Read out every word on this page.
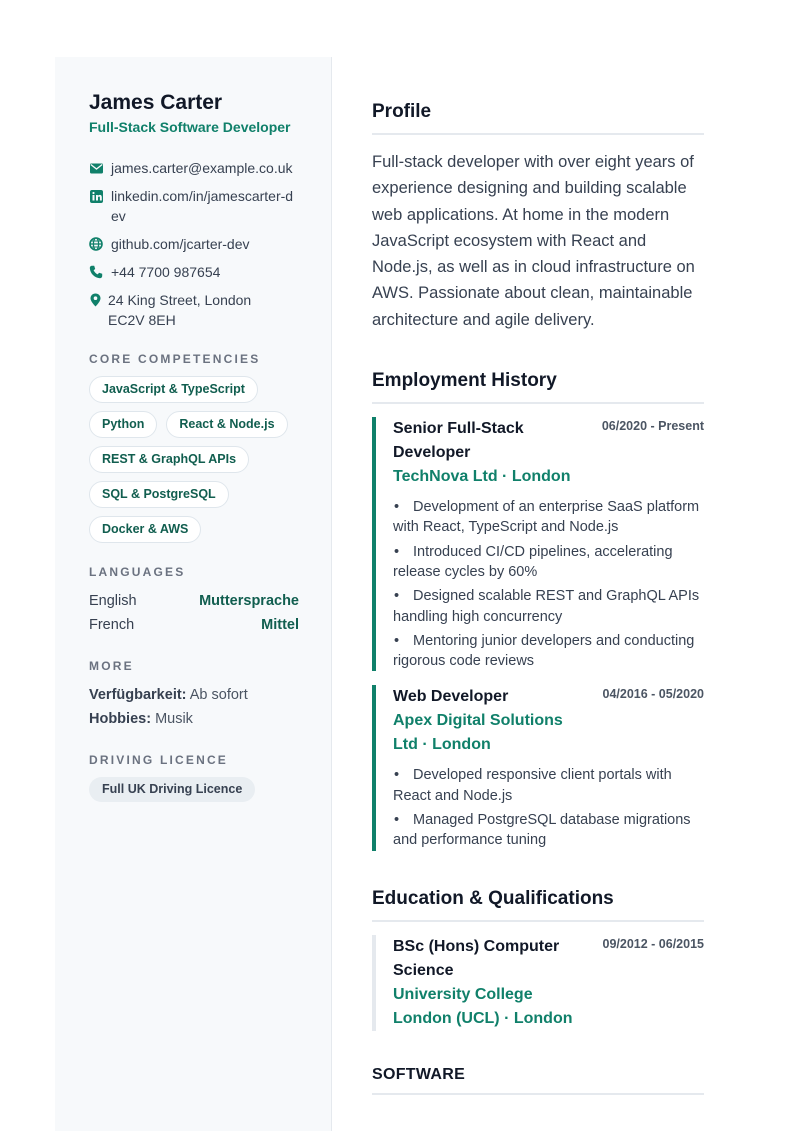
James Carter
Full-Stack Software Developer
james.carter@example.co.uk
linkedin.com/in/jamescarter-dev
github.com/jcarter-dev
+44 7700 987654
24 King Street, London EC2V 8EH
CORE COMPETENCIES
JavaScript & TypeScript
Python	React & Node.js
REST & GraphQL APIs
SQL & PostgreSQL
Docker & AWS
LANGUAGES
English	Muttersprache
French	Mittel
MORE
Verfügbarkeit: Ab sofort
Hobbies: Musik
DRIVING LICENCE
Full UK Driving Licence
Profile

Full-stack developer with over eight years of experience designing and building scalable web applications. At home in the modern JavaScript ecosystem with React and Node.js, as well as in cloud infrastructure on AWS. Passionate about clean, maintainable architecture and agile delivery.

Employment History
Senior Full-Stack Developer
06/2020 - Present
TechNova Ltd · London
• Development of an enterprise SaaS platform with React, TypeScript and Node.js
• Introduced CI/CD pipelines, accelerating release cycles by 60%
• Designed scalable REST and GraphQL APIs handling high concurrency
• Mentoring junior developers and conducting rigorous code reviews
Web Developer	04/2016 - 05/2020
Apex Digital Solutions Ltd · London
• Developed responsive client portals with React and Node.js
• Managed PostgreSQL database migrations and performance tuning
Education & Qualifications
BSc (Hons) Computer Science
09/2012 - 06/2015
University College London (UCL) · London
SOFTWARE
